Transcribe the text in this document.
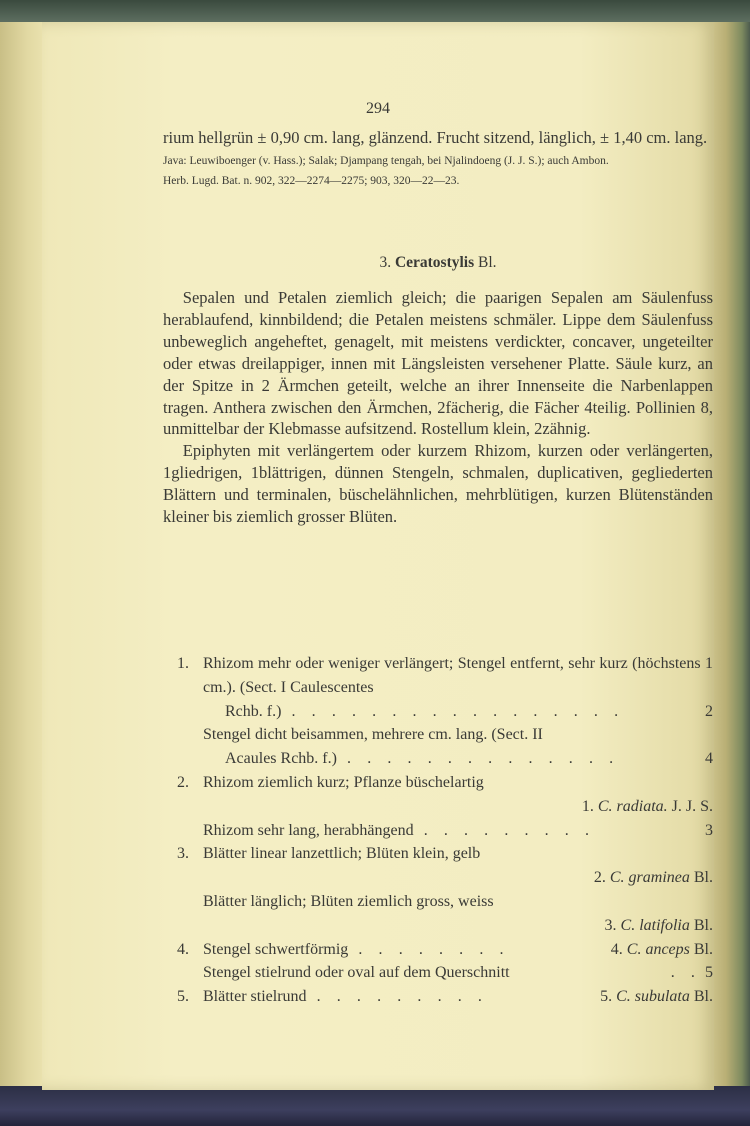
294

rium hellgrün ± 0,90 cm. lang, glänzend. Frucht sitzend, länglich, ± 1,40 cm. lang.

Java: Leuwiboenger (v. Hass.); Salak; Djampang tengah, bei Njalindoeng (J. J. S.); auch Ambon.

Herb. Lugd. Bat. n. 902, 322—2274—2275; 903, 320—22—23.

3. Ceratostylis Bl.

Sepalen und Petalen ziemlich gleich; die paarigen Sepalen am Säulenfuss herablaufend, kinnbildend; die Petalen meistens schmäler. Lippe dem Säulenfuss unbeweglich angeheftet, genagelt, mit meistens verdickter, concaver, ungeteilter oder etwas dreilappiger, innen mit Längsleisten versehener Platte. Säule kurz, an der Spitze in 2 Ärmchen geteilt, welche an ihrer Innenseite die Narbenlappen tragen. Anthera zwischen den Ärmchen, 2fächerig, die Fächer 4teilig. Pollinien 8, unmittelbar der Klebmasse aufsitzend. Rostellum klein, 2zähnig.

Epiphyten mit verlängertem oder kurzem Rhizom, kurzen oder verlängerten, 1gliedrigen, 1blättrigen, dünnen Stengeln, schmalen, duplicativen, gegliederten Blättern und terminalen, büschelähnlichen, mehrblütigen, kurzen Blütenständen kleiner bis ziemlich grosser Blüten.

1. Rhizom mehr oder weniger verlängert; Stengel entfernt, sehr kurz (höchstens 1 cm.). (Sect. I Caulescentes
Rchb. f.) . . . . . . . . . . . . . . . . .	2
Stengel dicht beisammen, mehrere cm. lang. (Sect. II
Acaules Rchb. f.) . . . . . . . . . . . . . .	4
2. Rhizom ziemlich kurz; Pflanze büschelartig
1. C. radiata. J. J. S.
Rhizom sehr lang, herabhängend . . . . . . . . .	3
3. Blätter linear lanzettlich; Blüten klein, gelb
2. C. graminea Bl.
Blätter länglich; Blüten ziemlich gross, weiss
3. C. latifolia Bl.
4. Stengel schwertförmig . . . . . . . .	4. C. anceps Bl.
Stengel stielrund oder oval auf dem Querschnitt	. . 5
5. Blätter stielrund . . . . . . . . .	5. C. subulata Bl.
